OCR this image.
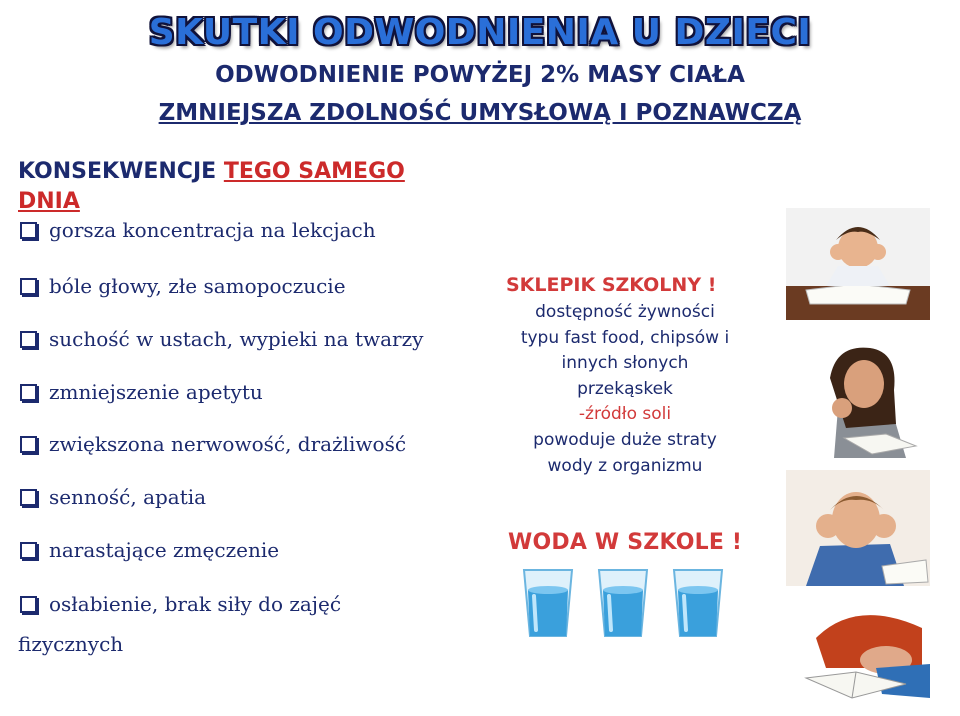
SKUTKI ODWODNIENIA U DZIECI
ODWODNIENIE POWYŻEJ 2% MASY CIAŁA
ZMNIEJSZA ZDOLNOŚĆ UMYSŁOWĄ I POZNAWCZĄ
KONSEKWENCJE TEGO SAMEGO
DNIA
gorsza koncentracja na lekcjach
bóle głowy, złe samopoczucie
suchość w ustach, wypieki na twarzy
zmniejszenie apetytu
zwiększona nerwowość, drażliwość
senność, apatia
narastające zmęczenie
osłabienie, brak siły do zajęć
fizycznych
SKLEPIK SZKOLNY !
dostępność żywności
typu fast food, chipsów i
innych słonych
przekąskek
-źródło soli
powoduje duże straty
wody z organizmu
WODA W SZKOLE !
